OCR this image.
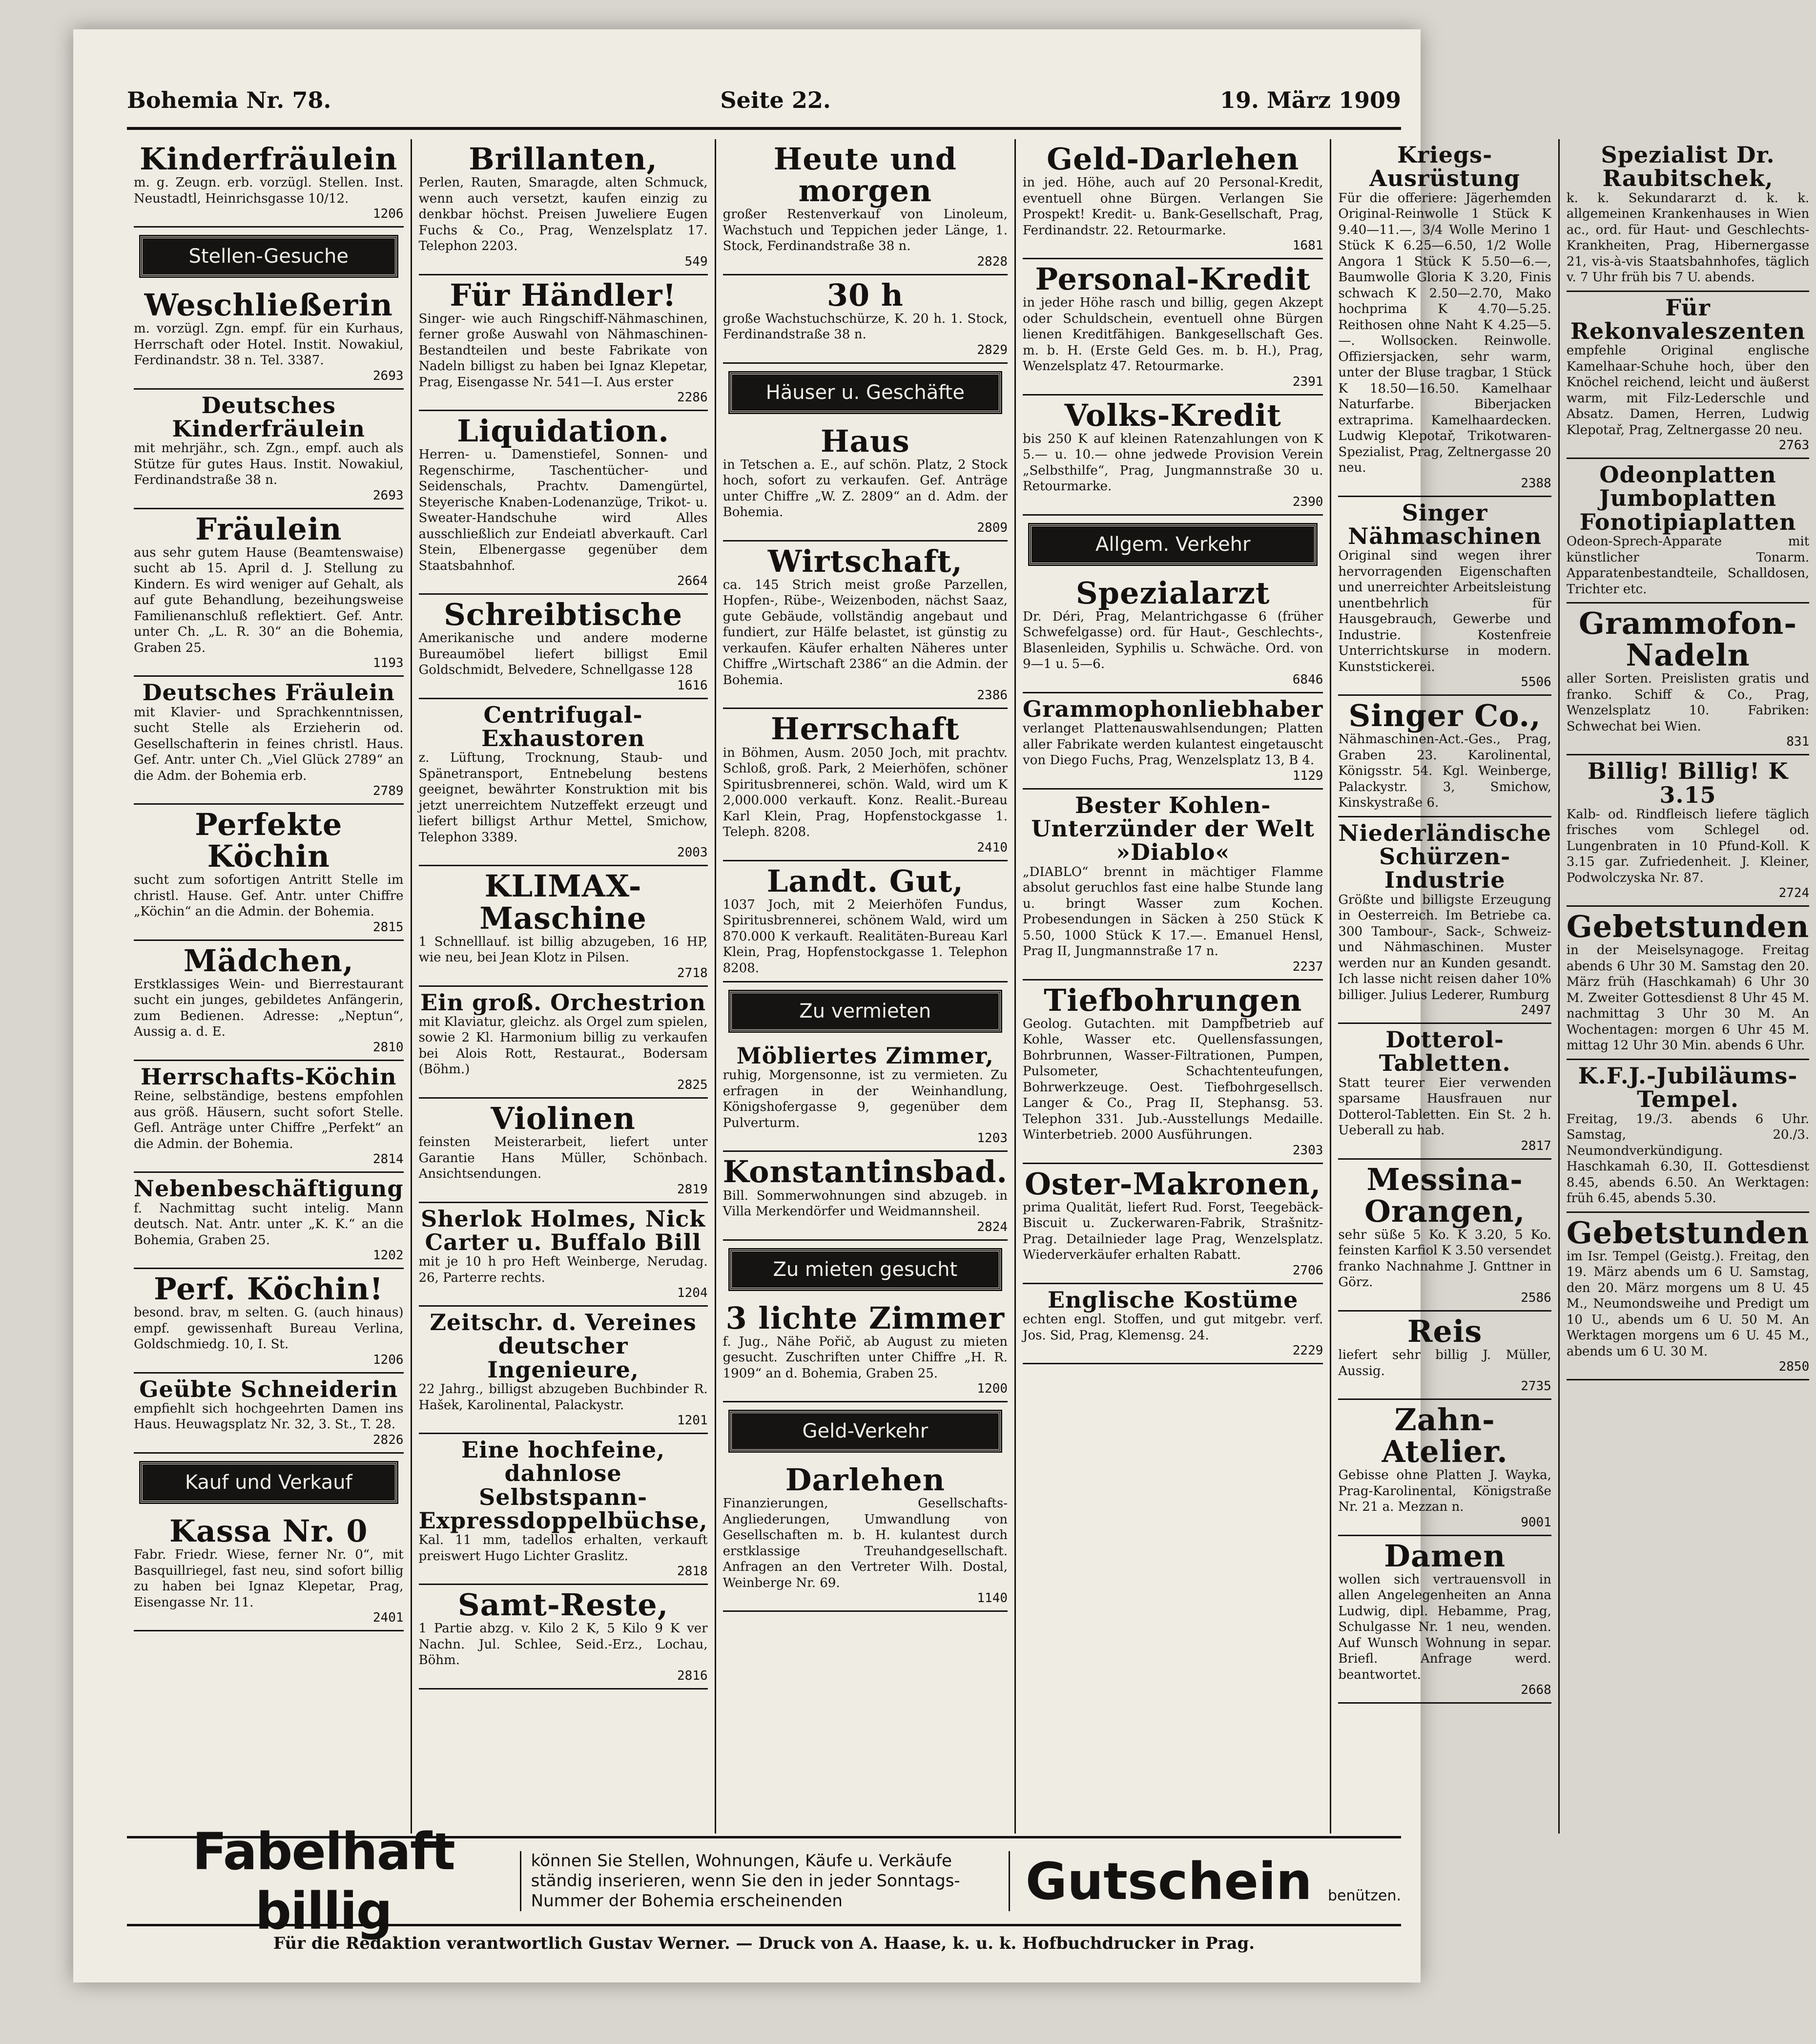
Bohemia Nr. 78.	Seite 22.	19. März 1909
Kinderfräulein
m. g. Zeugn. erb. vorzügl. Stellen. Inst. Neustadtl, Heinrichsgasse 10/12.
1206
Stellen-Gesuche
Weschließerin
m. vorzügl. Zgn. empf. für ein Kurhaus, Herrschaft oder Hotel. Instit. Nowakiul, Ferdinandstr. 38 n. Tel. 3387.
2693
Deutsches Kinderfräulein
mit mehrjähr., sch. Zgn., empf. auch als Stütze für gutes Haus. Instit. Nowakiul, Ferdinandstraße 38 n.
2693
Fräulein
aus sehr gutem Hause (Beamtenswaise) sucht ab 15. April d. J. Stellung zu Kindern. Es wird weniger auf Gehalt, als auf gute Behandlung, bezeihungsweise Familienanschluß reflektiert. Gef. Antr. unter Ch. „L. R. 30“ an die Bohemia, Graben 25.
1193
Deutsches Fräulein
mit Klavier- und Sprachkenntnissen, sucht Stelle als Erzieherin od. Gesellschafterin in feines christl. Haus. Gef. Antr. unter Ch. „Viel Glück 2789“ an die Adm. der Bohemia erb.
2789
Perfekte Köchin
sucht zum sofortigen Antritt Stelle im christl. Hause. Gef. Antr. unter Chiffre „Köchin“ an die Admin. der Bohemia.
2815
Mädchen,
Erstklassiges Wein- und Bierrestaurant sucht ein junges, gebildetes Anfängerin, zum Bedienen. Adresse: „Neptun“, Aussig a. d. E.
2810
Herrschafts-Köchin
Reine, selbständige, bestens empfohlen aus größ. Häusern, sucht sofort Stelle. Gefl. Anträge unter Chiffre „Perfekt“ an die Admin. der Bohemia.
2814
Nebenbeschäftigung
f. Nachmittag sucht intelig. Mann deutsch. Nat. Antr. unter „K. K.“ an die Bohemia, Graben 25.
1202
Perf. Köchin!
besond. brav, m selten. G. (auch hinaus) empf. gewissenhaft Bureau Verlina, Goldschmiedg. 10, I. St.
1206
Geübte Schneiderin
empfiehlt sich hochgeehrten Damen ins Haus. Heuwagsplatz Nr. 32, 3. St., T. 28.
2826
Kauf und Verkauf
Kassa Nr. 0
Fabr. Friedr. Wiese, ferner Nr. 0“, mit Basquillriegel, fast neu, sind sofort billig zu haben bei Ignaz Klepetar, Prag, Eisengasse Nr. 11.
2401
Brillanten,
Perlen, Rauten, Smaragde, alten Schmuck, wenn auch versetzt, kaufen einzig zu denkbar höchst. Preisen Juweliere Eugen Fuchs & Co., Prag, Wenzelsplatz 17. Telephon 2203.
549
Für Händler!
Singer- wie auch Ringschiff-Nähmaschinen, ferner große Auswahl von Nähmaschinen-Bestandteilen und beste Fabrikate von Nadeln billigst zu haben bei Ignaz Klepetar, Prag, Eisengasse Nr. 541—I. Aus erster
2286
Liquidation.
Herren- u. Damenstiefel, Sonnen- und Regenschirme, Taschentücher- und Seidenschals, Prachtv. Damengürtel, Steyerische Knaben-Lodenanzüge, Trikot- u. Sweater-Handschuhe wird Alles ausschließlich zur Endeiatl abverkauft. Carl Stein, Elbenergasse gegenüber dem Staatsbahnhof.
2664
Schreibtische
Amerikanische und andere moderne Bureaumöbel liefert billigst Emil Goldschmidt, Belvedere, Schnellgasse 128
1616
Centrifugal-Exhaustoren
z. Lüftung, Trocknung, Staub- und Spänetransport, Entnebelung bestens geeignet, bewährter Konstruktion mit bis jetzt unerreichtem Nutzeffekt erzeugt und liefert billigst Arthur Mettel, Smichow, Telephon 3389.
2003
KLIMAX-Maschine
1 Schnelllauf. ist billig abzugeben, 16 HP, wie neu, bei Jean Klotz in Pilsen.
2718
Ein groß. Orchestrion
mit Klaviatur, gleichz. als Orgel zum spielen, sowie 2 Kl. Harmonium billig zu verkaufen bei Alois Rott, Restaurat., Bodersam (Böhm.)
2825
Violinen
feinsten Meisterarbeit, liefert unter Garantie Hans Müller, Schönbach. Ansichtsendungen.
2819
Sherlok Holmes, Nick Carter u. Buffalo Bill
mit je 10 h pro Heft Weinberge, Nerudag. 26, Parterre rechts.
1204
Zeitschr. d. Vereines deutscher Ingenieure,
22 Jahrg., billigst abzugeben Buchbinder R. Hašek, Karolinental, Palackystr.
1201
Eine hochfeine, dahnlose Selbstspann-Expressdoppelbüchse,
Kal. 11 mm, tadellos erhalten, verkauft preiswert Hugo Lichter Graslitz.
2818
Samt-Reste,
1 Partie abzg. v. Kilo 2 K, 5 Kilo 9 K ver Nachn. Jul. Schlee, Seid.-Erz., Lochau, Böhm.
2816
Heute und morgen
großer Restenverkauf von Linoleum, Wachstuch und Teppichen jeder Länge, 1. Stock, Ferdinandstraße 38 n.
2828
30 h
große Wachstuchschürze, K. 20 h. 1. Stock, Ferdinandstraße 38 n.
2829
Häuser u. Geschäfte
Haus
in Tetschen a. E., auf schön. Platz, 2 Stock hoch, sofort zu verkaufen. Gef. Anträge unter Chiffre „W. Z. 2809“ an d. Adm. der Bohemia.
2809
Wirtschaft,
ca. 145 Strich meist große Parzellen, Hopfen-, Rübe-, Weizenboden, nächst Saaz, gute Gebäude, vollständig angebaut und fundiert, zur Hälfe belastet, ist günstig zu verkaufen. Käufer erhalten Näheres unter Chiffre „Wirtschaft 2386“ an die Admin. der Bohemia.
2386
Herrschaft
in Böhmen, Ausm. 2050 Joch, mit prachtv. Schloß, groß. Park, 2 Meierhöfen, schöner Spiritusbrennerei, schön. Wald, wird um K 2,000.000 verkauft. Konz. Realit.-Bureau Karl Klein, Prag, Hopfenstockgasse 1. Teleph. 8208.
2410
Landt. Gut,
1037 Joch, mit 2 Meierhöfen Fundus, Spiritusbrennerei, schönem Wald, wird um 870.000 K verkauft. Realitäten-Bureau Karl Klein, Prag, Hopfenstockgasse 1. Telephon 8208.
Zu vermieten
Möbliertes Zimmer,
ruhig, Morgensonne, ist zu vermieten. Zu erfragen in der Weinhandlung, Königshofergasse 9, gegenüber dem Pulverturm.
1203
Konstantinsbad.
Bill. Sommerwohnungen sind abzugeb. in Villa Merkendörfer und Weidmannsheil.
2824
Zu mieten gesucht
3 lichte Zimmer
f. Jug., Nähe Pořič, ab August zu mieten gesucht. Zuschriften unter Chiffre „H. R. 1909“ an d. Bohemia, Graben 25.
1200
Geld-Verkehr
Darlehen
Finanzierungen, Gesellschafts-Angliederungen, Umwandlung von Gesellschaften m. b. H. kulantest durch erstklassige Treuhandgesellschaft. Anfragen an den Vertreter Wilh. Dostal, Weinberge Nr. 69.
1140
Geld-Darlehen
in jed. Höhe, auch auf 20 Personal-Kredit, eventuell ohne Bürgen. Verlangen Sie Prospekt! Kredit- u. Bank-Gesellschaft, Prag, Ferdinandstr. 22. Retourmarke.
1681
Personal-Kredit
in jeder Höhe rasch und billig, gegen Akzept oder Schuldschein, eventuell ohne Bürgen lienen Kreditfähigen. Bankgesellschaft Ges. m. b. H. (Erste Geld Ges. m. b. H.), Prag, Wenzelsplatz 47. Retourmarke.
2391
Volks-Kredit
bis 250 K auf kleinen Ratenzahlungen von K 5.— u. 10.— ohne jedwede Provision Verein „Selbsthilfe“, Prag, Jungmannstraße 30 u. Retourmarke.
2390
Allgem. Verkehr
Spezialarzt
Dr. Déri, Prag, Melantrichgasse 6 (früher Schwefelgasse) ord. für Haut-, Geschlechts-, Blasenleiden, Syphilis u. Schwäche. Ord. von 9—1 u. 5—6.
6846
Grammophonliebhaber
verlanget Plattenauswahlsendungen; Platten aller Fabrikate werden kulantest eingetauscht von Diego Fuchs, Prag, Wenzelsplatz 13, B 4.
1129
Bester Kohlen-Unterzünder der Welt »Diablo«
„DIABLO“ brennt in mächtiger Flamme absolut geruchlos fast eine halbe Stunde lang u. bringt Wasser zum Kochen. Probesendungen in Säcken à 250 Stück K 5.50, 1000 Stück K 17.—. Emanuel Hensl, Prag II, Jungmannstraße 17 n.
2237
Tiefbohrungen
Geolog. Gutachten. mit Dampfbetrieb auf Kohle, Wasser etc. Quellensfassungen, Bohrbrunnen, Wasser-Filtrationen, Pumpen, Pulsometer, Schachtenteufungen, Bohrwerkzeuge. Oest. Tiefbohrgesellsch. Langer & Co., Prag II, Stephansg. 53. Telephon 331. Jub.-Ausstellungs Medaille. Winterbetrieb. 2000 Ausführungen.
2303
Oster-Makronen,
prima Qualität, liefert Rud. Forst, Teegebäck-Biscuit u. Zuckerwaren-Fabrik, Strašnitz-Prag. Detailnieder lage Prag, Wenzelsplatz. Wiederverkäufer erhalten Rabatt.
2706
Englische Kostüme
echten engl. Stoffen, und gut mitgebr. verf. Jos. Sid, Prag, Klemensg. 24.
2229
Kriegs-Ausrüstung
Für die offeriere: Jägerhemden Original-Reinwolle 1 Stück K 9.40—11.—, 3/4 Wolle Merino 1 Stück K 6.25—6.50, 1/2 Wolle Angora 1 Stück K 5.50—6.—, Baumwolle Gloria K 3.20, Finis schwach K 2.50—2.70, Mako hochprima K 4.70—5.25. Reithosen ohne Naht K 4.25—5.—. Wollsocken. Reinwolle. Offiziersjacken, sehr warm, unter der Bluse tragbar, 1 Stück K 18.50—16.50. Kamelhaar Naturfarbe. Biberjacken extraprima. Kamelhaardecken. Ludwig Klepotař, Trikotwaren-Spezialist, Prag, Zeltnergasse 20 neu.
2388
Singer Nähmaschinen
Original sind wegen ihrer hervorragenden Eigenschaften und unerreichter Arbeitsleistung unentbehrlich für Hausgebrauch, Gewerbe und Industrie. Kostenfreie Unterrichtskurse in modern. Kunststickerei.
5506
Singer Co.,
Nähmaschinen-Act.-Ges., Prag, Graben 23. Karolinental, Königsstr. 54. Kgl. Weinberge, Palackystr. 3, Smichow, Kinskystraße 6.
Niederländische Schürzen-Industrie
Größte und billigste Erzeugung in Oesterreich. Im Betriebe ca. 300 Tambour-, Sack-, Schweiz- und Nähmaschinen. Muster werden nur an Kunden gesandt. Ich lasse nicht reisen daher 10% billiger. Julius Lederer, Rumburg
2497
Dotterol-Tabletten.
Statt teurer Eier verwenden sparsame Hausfrauen nur Dotterol-Tabletten. Ein St. 2 h. Ueberall zu hab.
2817
Messina-Orangen,
sehr süße 5 Ko. K 3.20, 5 Ko. feinsten Karfiol K 3.50 versendet franko Nachnahme J. Gnttner in Görz.
2586
Reis
liefert sehr billig J. Müller, Aussig.
2735
Zahn-Atelier.
Gebisse ohne Platten J. Wayka, Prag-Karolinental, Königstraße Nr. 21 a. Mezzan n.
9001
Damen
wollen sich vertrauensvoll in allen Angelegenheiten an Anna Ludwig, dipl. Hebamme, Prag, Schulgasse Nr. 1 neu, wenden. Auf Wunsch Wohnung in separ. Briefl. Anfrage werd. beantwortet.
2668
Spezialist Dr. Raubitschek,
k. k. Sekundararzt d. k. k. allgemeinen Krankenhauses in Wien ac., ord. für Haut- und Geschlechts-Krankheiten, Prag, Hibernergasse 21, vis-à-vis Staatsbahnhofes, täglich v. 7 Uhr früh bis 7 U. abends.
Für Rekonvaleszenten
empfehle Original englische Kamelhaar-Schuhe hoch, über den Knöchel reichend, leicht und äußerst warm, mit Filz-Lederschle und Absatz. Damen, Herren, Ludwig Klepotař, Prag, Zeltnergasse 20 neu.
2763
Odeonplatten Jumboplatten Fonotipiaplatten
Odeon-Sprech-Apparate mit künstlicher Tonarm. Apparatenbestandteile, Schalldosen, Trichter etc.
Grammofon-Nadeln
aller Sorten. Preislisten gratis und franko. Schiff & Co., Prag, Wenzelsplatz 10. Fabriken: Schwechat bei Wien.
831
Billig! Billig! K 3.15
Kalb- od. Rindfleisch liefere täglich frisches vom Schlegel od. Lungenbraten in 10 Pfund-Koll. K 3.15 gar. Zufriedenheit. J. Kleiner, Podwolczyska Nr. 87.
2724
Gebetstunden
in der Meiselsynagoge. Freitag abends 6 Uhr 30 M. Samstag den 20. März früh (Haschkamah) 6 Uhr 30 M. Zweiter Gottesdienst 8 Uhr 45 M. nachmittag 3 Uhr 30 M. An Wochentagen: morgen 6 Uhr 45 M. mittag 12 Uhr 30 Min. abends 6 Uhr.
K.F.J.-Jubiläums-Tempel.
Freitag, 19./3. abends 6 Uhr. Samstag, 20./3. Neumondverkündigung. Haschkamah 6.30, II. Gottesdienst 8.45, abends 6.50. An Werktagen: früh 6.45, abends 5.30.
Gebetstunden
im Isr. Tempel (Geistg.). Freitag, den 19. März abends um 6 U. Samstag, den 20. März morgens um 8 U. 45 M., Neumondsweihe und Predigt um 10 U., abends um 6 U. 50 M. An Werktagen morgens um 6 U. 45 M., abends um 6 U. 30 M.
2850
Fabelhaft billig
können Sie Stellen, Wohnungen, Käufe u. Verkäufe ständig inserieren, wenn Sie den in jeder Sonntags-Nummer der Bohemia erscheinenden	Gutschein	benützen.
Für die Redaktion verantwortlich Gustav Werner. — Druck von A. Haase, k. u. k. Hofbuchdrucker in Prag.
